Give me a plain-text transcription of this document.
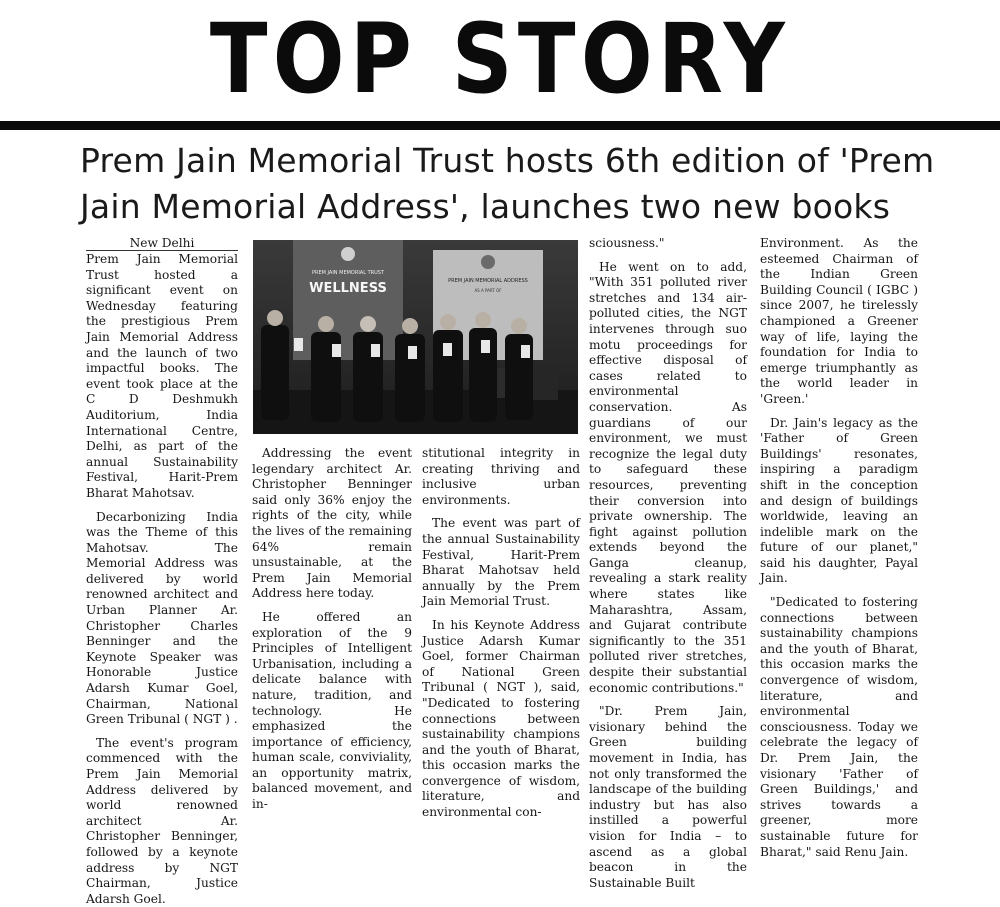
TOP STORY
Prem Jain Memorial Trust hosts 6th edition of 'Prem Jain Memorial Address', launches two new books
New Delhi

Prem Jain Memorial Trust hosted a significant event on Wednesday featuring the prestigious Prem Jain Memorial Address and the launch of two impactful books. The event took place at the C D Deshmukh Auditorium, India International Centre, Delhi, as part of the annual Sustainability Festival, Harit-Prem Bharat Mahotsav.

Decarbonizing India was the Theme of this Mahotsav. The Memorial Address was delivered by world renowned architect and Urban Planner Ar. Christopher Charles Benninger and the Keynote Speaker was Honorable Justice Adarsh Kumar Goel, Chairman, National Green Tribunal ( NGT ) .

The event's program commenced with the Prem Jain Memorial Address delivered by world renowned architect Ar. Christopher Benninger, followed by a keynote address by NGT Chairman, Justice Adarsh Goel.

PREM JAIN MEMORIAL TRUST
WELLNESS	PREM JAIN MEMORIAL ADDRESS
AS A PART OF

Addressing the event legendary architect Ar. Christopher Benninger said only 36% enjoy the rights of the city, while the lives of the remaining 64% remain unsustainable, at the Prem Jain Memorial Address here today.

He offered an exploration of the 9 Principles of Intelligent Urbanisation, including a delicate balance with nature, tradition, and technology. He emphasized the importance of efficiency, human scale, conviviality, an opportunity matrix, balanced movement, and in-

stitutional integrity in creating thriving and inclusive urban environments.

The event was part of the annual Sustainability Festival, Harit-Prem Bharat Mahotsav held annually by the Prem Jain Memorial Trust.

In his Keynote Address Justice Adarsh Kumar Goel, former Chairman of National Green Tribunal ( NGT ), said, "Dedicated to fostering connections between sustainability champions and the youth of Bharat, this occasion marks the convergence of wisdom, literature, and environmental con-

sciousness."

He went on to add, "With 351 polluted river stretches and 134 air-polluted cities, the NGT intervenes through suo motu proceedings for effective disposal of cases related to environmental conservation. As guardians of our environment, we must recognize the legal duty to safeguard these resources, preventing their conversion into private ownership. The fight against pollution extends beyond the Ganga cleanup, revealing a stark reality where states like Maharashtra, Assam, and Gujarat contribute significantly to the 351 polluted river stretches, despite their substantial economic contributions."

"Dr. Prem Jain, visionary behind the Green building movement in India, has not only transformed the landscape of the building industry but has also instilled a powerful vision for India – to ascend as a global beacon in the Sustainable Built

Environment. As the esteemed Chairman of the Indian Green Building Council ( IGBC ) since 2007, he tirelessly championed a Greener way of life, laying the foundation for India to emerge triumphantly as the world leader in 'Green.'

Dr. Jain's legacy as the 'Father of Green Buildings' resonates, inspiring a paradigm shift in the conception and design of buildings worldwide, leaving an indelible mark on the future of our planet," said his daughter, Payal Jain.

"Dedicated to fostering connections between sustainability champions and the youth of Bharat, this occasion marks the convergence of wisdom, literature, and environmental consciousness. Today we celebrate the legacy of Dr. Prem Jain, the visionary 'Father of Green Buildings,' and strives towards a greener, more sustainable future for Bharat," said Renu Jain.
